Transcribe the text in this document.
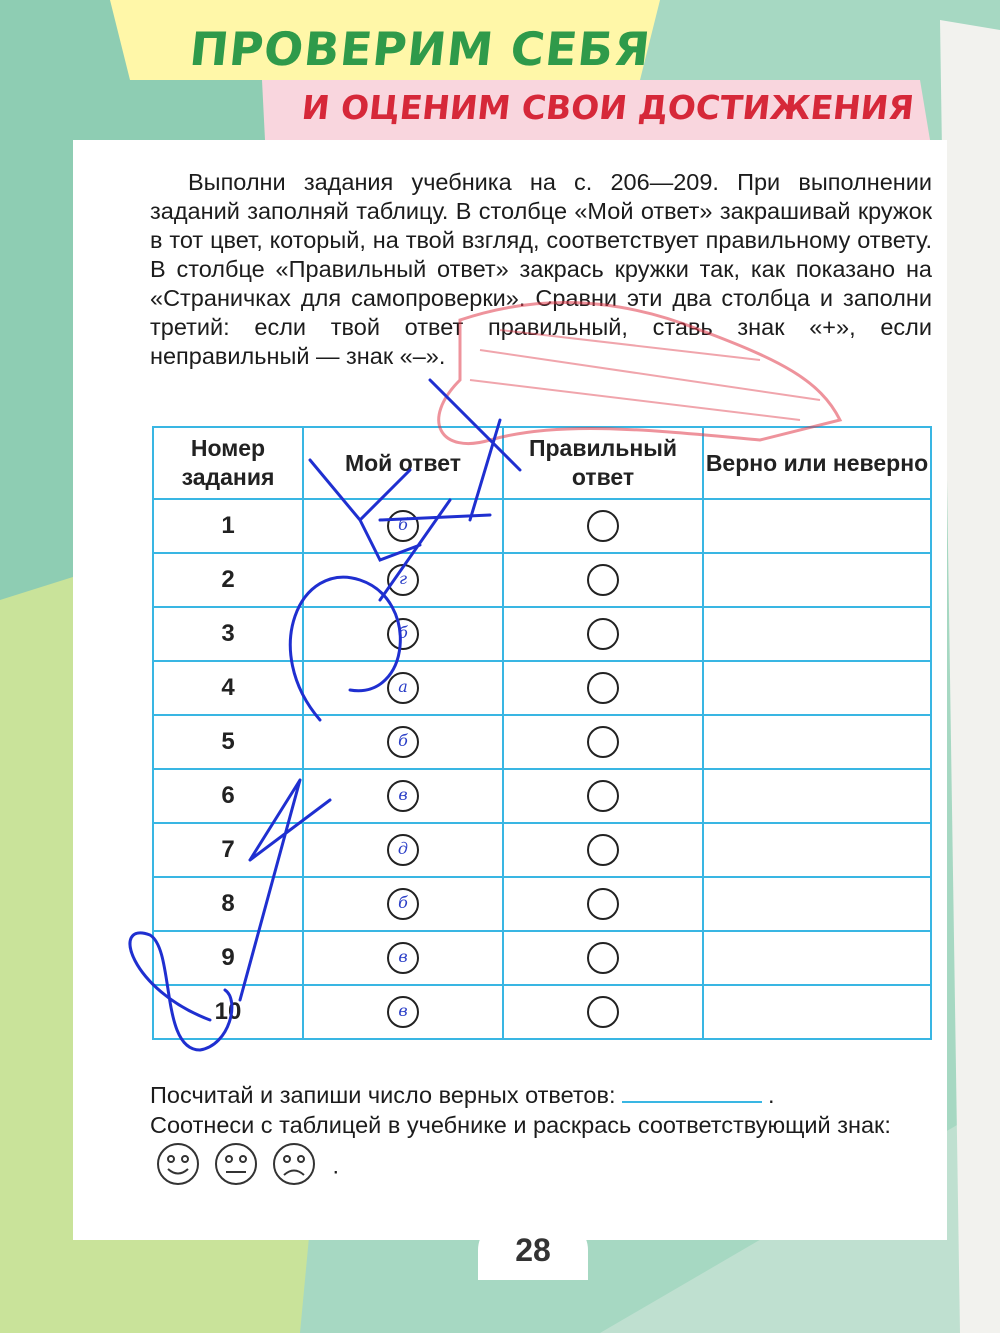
ПРОВЕРИМ СЕБЯ
И ОЦЕНИМ СВОИ ДОСТИЖЕНИЯ
Выполни задания учебника на с. 206—209. При выполнении заданий заполняй таблицу. В столбце «Мой ответ» закрашивай кружок в тот цвет, который, на твой взгляд, соответствует правильному ответу. В столбце «Правильный ответ» закрась кружки так, как показано на «Страничках для самопроверки». Сравни эти два столбца и заполни третий: если твой ответ правильный, ставь знак «+», если неправильный — знак «–».
Номер задания	Мой ответ	Правильный ответ	Верно или неверно
1	б		

2	г		

3	б		

4	а		

5	б		

6	в		

7	д		

8	б		

9	в		

10	в		

Посчитай и запиши число верных ответов:	.
Соотнеси с таблицей в учебнике и раскрась соответствующий знак:  .
28
